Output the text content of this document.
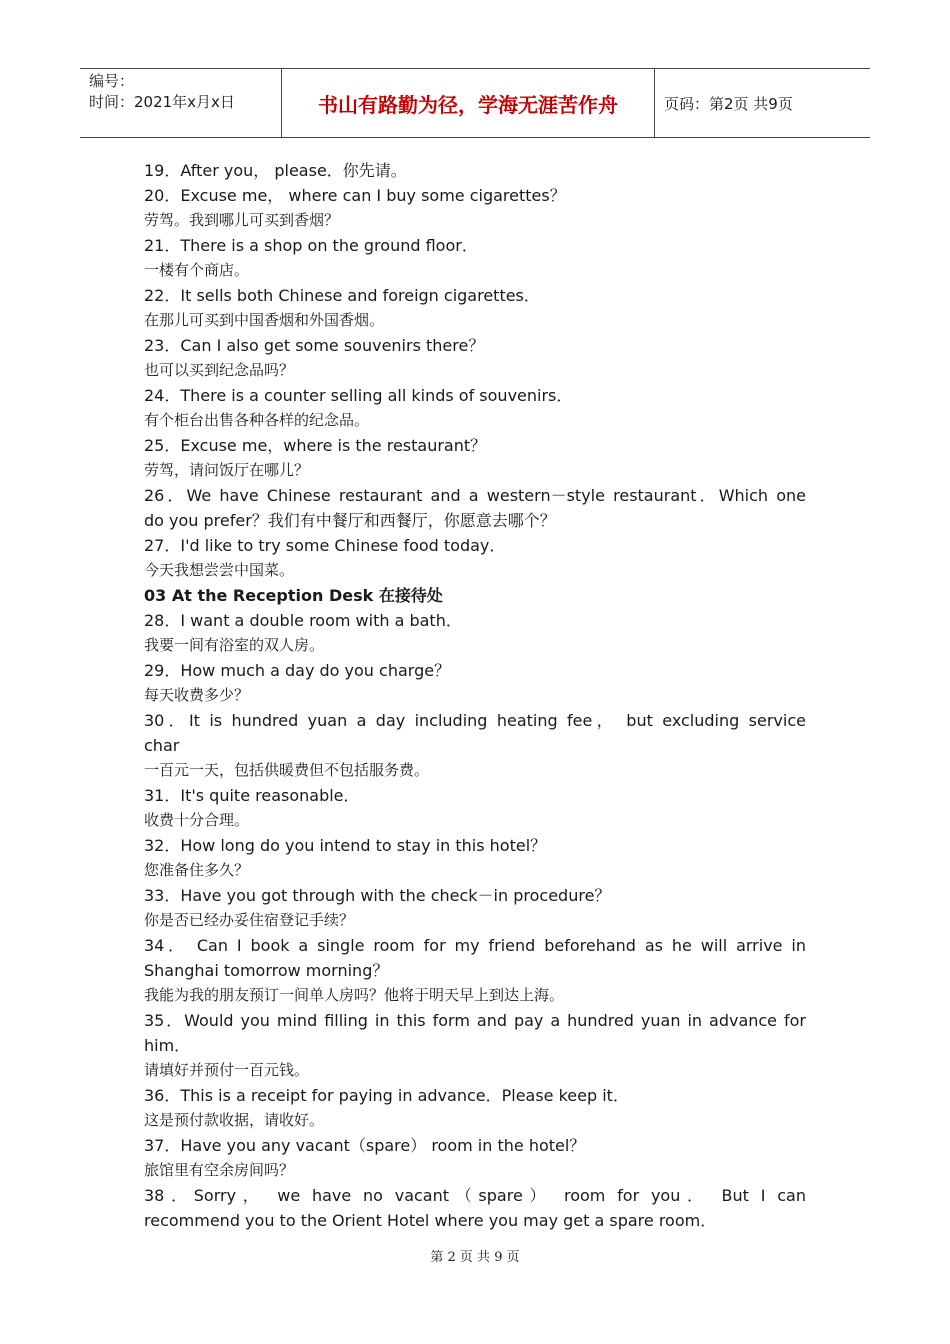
编号：
时间：2021年x月x日	书山有路勤为径，学海无涯苦作舟	页码：第2页 共9页
19．After you， please．你先请。
20．Excuse me， where can I buy some cigarettes？
劳驾。我到哪儿可买到香烟？
21．There is a shop on the ground floor．
一楼有个商店。
22．It sells both Chinese and foreign cigarettes．
在那儿可买到中国香烟和外国香烟。
23．Can I also get some souvenirs there？
也可以买到纪念品吗？
24．There is a counter selling all kinds of souvenirs．
有个柜台出售各种各样的纪念品。
25．Excuse me，where is the restaurant？
劳驾，请问饭厅在哪儿？
26．We have Chinese restaurant and a western－style restaurant．Which one
do you prefer？我们有中餐厅和西餐厅，你愿意去哪个？
27．I'd like to try some Chinese food today．
今天我想尝尝中国菜。
03 At the Reception Desk 在接待处
28．I want a double room with a bath．
我要一间有浴室的双人房。
29．How much a day do you charge？
每天收费多少？
30．It is hundred yuan a day including heating fee， but excluding service
char
一百元一天，包括供暖费但不包括服务费。
31．It's quite reasonable．
收费十分合理。
32．How long do you intend to stay in this hotel？
您准备住多久？
33．Have you got through with the check－in procedure？
你是否已经办妥住宿登记手续？
34． Can I book a single room for my friend beforehand as he will arrive in
Shanghai tomorrow morning？
我能为我的朋友预订一间单人房吗？他将于明天早上到达上海。
35．Would you mind filling in this form and pay a hundred yuan in advance for
him．
请填好并预付一百元钱。
36．This is a receipt for paying in advance．Please keep it．
这是预付款收据，请收好。
37．Have you any vacant（spare） room in the hotel？
旅馆里有空余房间吗？
38．Sorry， we have no vacant（spare） room for you． But I can
recommend you to the Orient Hotel where you may get a spare room．
第 2 页 共 9 页
